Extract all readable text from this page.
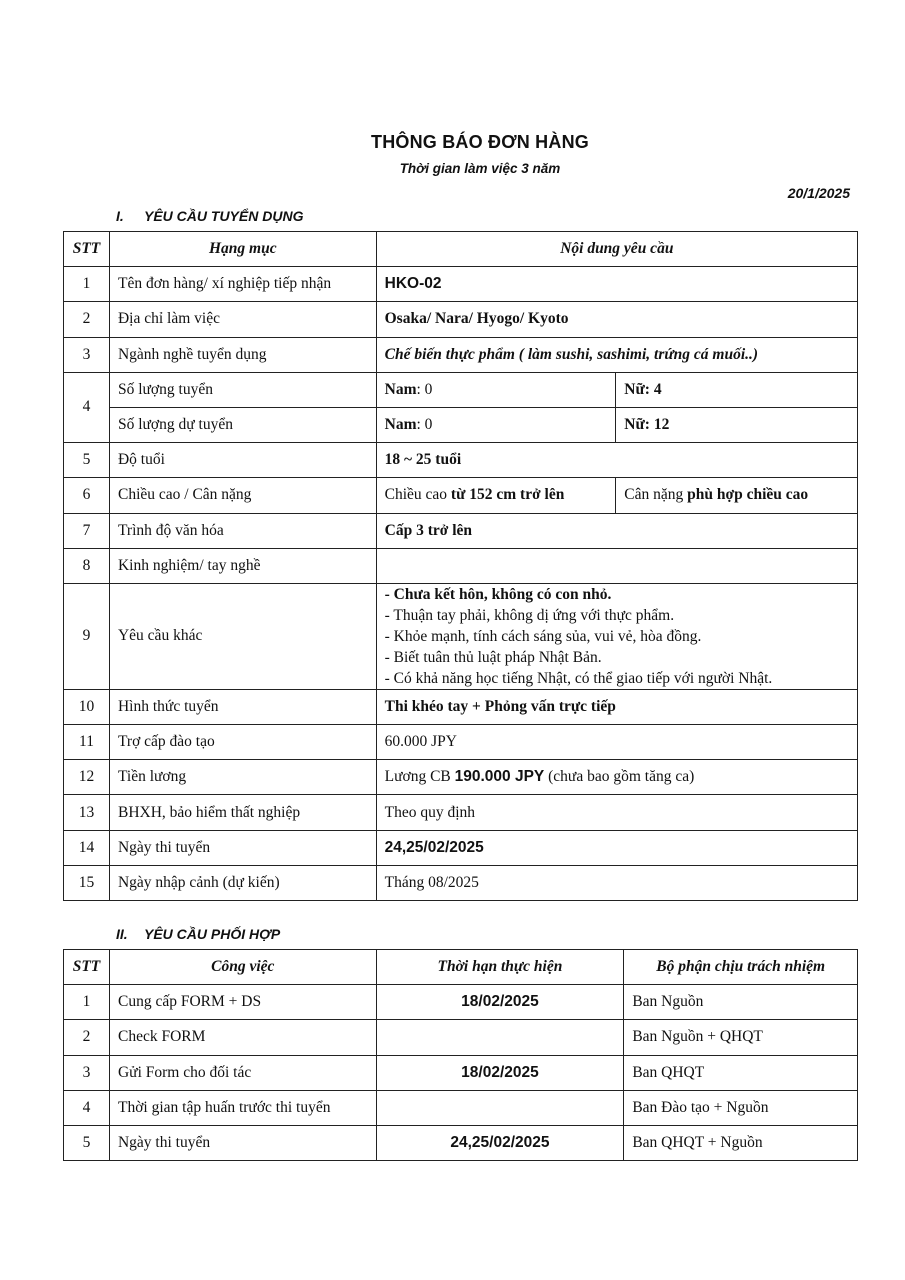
THÔNG BÁO ĐƠN HÀNG
Thời gian làm việc 3 năm
20/1/2025
I. YÊU CẦU TUYỂN DỤNG
STT	Hạng mục	Nội dung yêu cầu	
1	Tên đơn hàng/ xí nghiệp tiếp nhận	HKO-02	
2	Địa chỉ làm việc	Osaka/ Nara/ Hyogo/ Kyoto	
3	Ngành nghề tuyển dụng	Chế biến thực phẩm ( làm sushi, sashimi, trứng cá muối..)	
4	Số lượng tuyển	Nam: 0	Nữ: 4
	Số lượng dự tuyển	Nam: 0	Nữ: 12
5	Độ tuổi	18 ~ 25 tuổi	
6	Chiều cao / Cân nặng	Chiều cao từ 152 cm trở lên	Cân nặng phù hợp chiều cao
7	Trình độ văn hóa	Cấp 3 trở lên	
8	Kinh nghiệm/ tay nghề		
9	Yêu cầu khác	- Chưa kết hôn, không có con nhỏ.
- Thuận tay phải, không dị ứng với thực phẩm.
- Khỏe mạnh, tính cách sáng sủa, vui vẻ, hòa đồng.
- Biết tuân thủ luật pháp Nhật Bản.
- Có khả năng học tiếng Nhật, có thể giao tiếp với người Nhật.	

10	Hình thức tuyển	Thi khéo tay + Phỏng vấn trực tiếp	
11	Trợ cấp đào tạo	60.000 JPY	
12	Tiền lương	Lương CB 190.000 JPY (chưa bao gồm tăng ca)	
13	BHXH, bảo hiểm thất nghiệp	Theo quy định	
14	Ngày thi tuyển	24,25/02/2025	
15	Ngày nhập cảnh (dự kiến)	Tháng 08/2025	
II. YÊU CẦU PHỐI HỢP
STT	Công việc	Thời hạn thực hiện	Bộ phận chịu trách nhiệm
1	Cung cấp FORM + DS	18/02/2025	Ban Nguồn
2	Check FORM		Ban Nguồn + QHQT
3	Gửi Form cho đối tác	18/02/2025	Ban QHQT
4	Thời gian tập huấn trước thi tuyển		Ban Đào tạo + Nguồn
5	Ngày thi tuyển	24,25/02/2025	Ban QHQT + Nguồn
